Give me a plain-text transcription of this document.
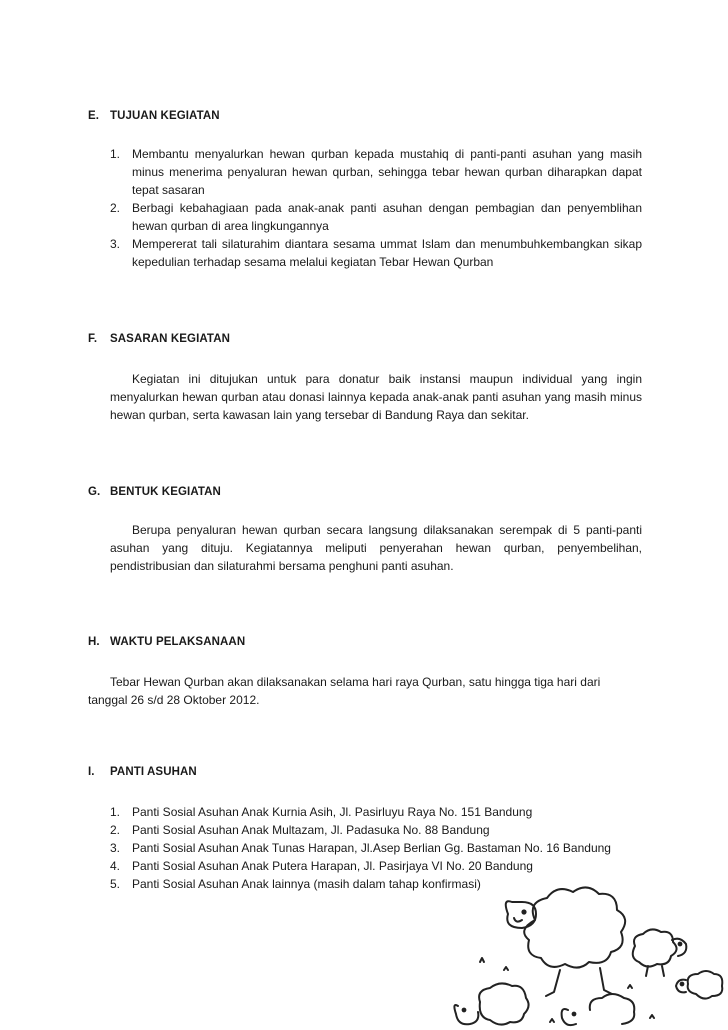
E. TUJUAN KEGIATAN
1. Membantu menyalurkan hewan qurban kepada mustahiq di panti-panti asuhan yang masih minus menerima penyaluran hewan qurban, sehingga tebar hewan qurban diharapkan dapat tepat sasaran
2. Berbagi kebahagiaan pada anak-anak panti asuhan dengan pembagian dan penyemblihan hewan qurban di area lingkungannya
3. Mempererat tali silaturahim diantara sesama ummat Islam dan menumbuhkembangkan sikap kepedulian terhadap sesama melalui kegiatan Tebar Hewan Qurban
F. SASARAN KEGIATAN

Kegiatan ini ditujukan untuk para donatur baik instansi maupun individual yang ingin menyalurkan hewan qurban atau donasi lainnya kepada anak-anak panti asuhan yang masih minus hewan qurban, serta kawasan lain yang tersebar di Bandung Raya dan sekitar.

G. BENTUK KEGIATAN

Berupa penyaluran hewan qurban secara langsung dilaksanakan serempak di 5 panti-panti asuhan yang dituju. Kegiatannya meliputi penyerahan hewan qurban, penyembelihan, pendistribusian dan silaturahmi bersama penghuni panti asuhan.

H. WAKTU PELAKSANAAN

Tebar Hewan Qurban akan dilaksanakan selama hari raya Qurban, satu hingga tiga hari dari tanggal 26 s/d 28 Oktober 2012.

I. PANTI ASUHAN
1. Panti Sosial Asuhan Anak Kurnia Asih, Jl. Pasirluyu Raya No. 151 Bandung
2. Panti Sosial Asuhan Anak Multazam, Jl. Padasuka No. 88 Bandung
3. Panti Sosial Asuhan Anak Tunas Harapan, Jl.Asep Berlian Gg. Bastaman No. 16 Bandung
4. Panti Sosial Asuhan Anak Putera Harapan, Jl. Pasirjaya VI No. 20 Bandung
5. Panti Sosial Asuhan Anak lainnya (masih dalam tahap konfirmasi)
